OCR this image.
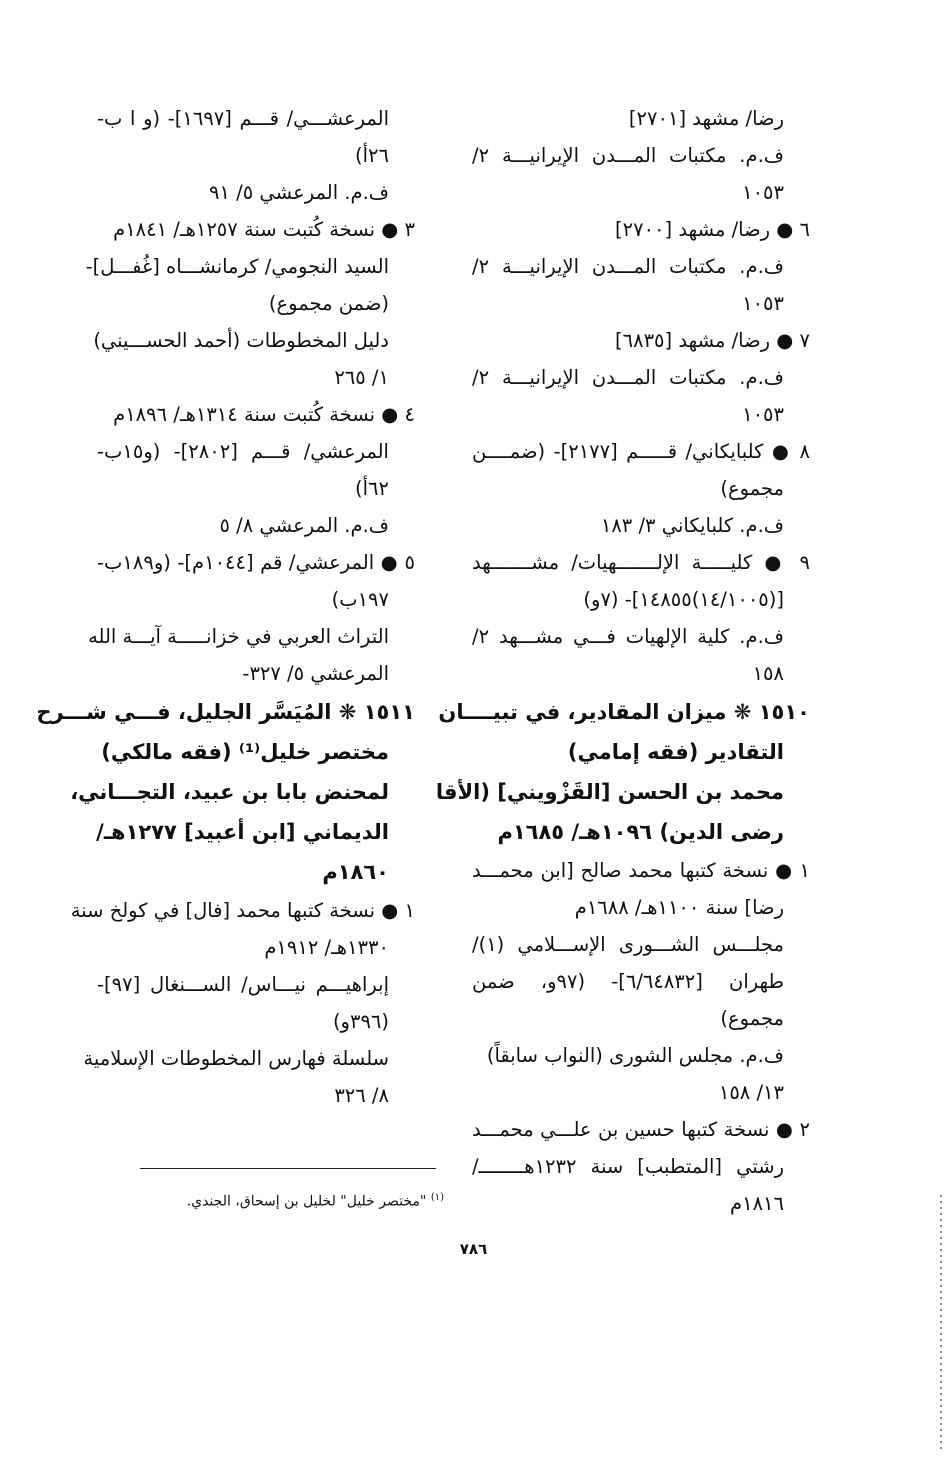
رضا/ مشهد [٢٧٠١]
ف.م. مكتبات المـــدن الإيرانيـــة ٢/
١٠٥٣
٦ ● رضا/ مشهد [٢٧٠٠]
ف.م. مكتبات المـــدن الإيرانيـــة ٢/
١٠٥٣
٧ ● رضا/ مشهد [٦٨٣٥]
ف.م. مكتبات المـــدن الإيرانيـــة ٢/
١٠٥٣
٨ ● كلبايكاني/ قـــــم [٢١٧٧]- (ضمــــن
مجموع)
ف.م. كلبايكاني ٣/ ١٨٣
٩ ● كليـــــة الإلـــــــهيات/ مشـــــــهد
[(١٤/١٠٠٥)١٤٨٥٥]- (٧و)
ف.م. كلية الإلهيات فـــي مشـــهد ٢/
١٥٨
١٥١٠ ❋ ميزان المقادير، في تبيــــان
التقادير (فقه إمامي)
محمد بن الحسن [القَزْويني] (الأقا
رضى الدين) ١٠٩٦هـ/ ١٦٨٥م
١ ● نسخة كتبها محمد صالح [ابن محمـــد
رضا] سنة ١١٠٠هـ/ ١٦٨٨م
مجلـــس الشـــورى الإســـلامي (١)/
طهران [٦/٦٤٨٣٢]- (٩٧و، ضمن
مجموع)
ف.م. مجلس الشورى (النواب سابقاً)
١٣/ ١٥٨
٢ ● نسخة كتبها حسين بن علـــي محمـــد
رشتي [المتطبب] سنة ١٢٣٢هــــــــ/
١٨١٦م
المرعشـــي/ قـــم [١٦٩٧]- (و ا ب-
٢٦أ)
ف.م. المرعشي ٥/ ٩١
٣ ● نسخة كُتبت سنة ١٢٥٧هـ/ ١٨٤١م
السيد النجومي/ كرمانشـــاه [غُفـــل]-
(ضمن مجموع)
دليل المخطوطات (أحمد الحســـيني)
١/ ٢٦٥
٤ ● نسخة كُتبت سنة ١٣١٤هـ/ ١٨٩٦م
المرعشي/ قـــم [٢٨٠٢]- (و١٥ب-
٦٢أ)
ف.م. المرعشي ٨/ ٥
٥ ● المرعشي/ قم [١٠٤٤م]- (و١٨٩ب-
١٩٧ب)
التراث العربي في خزانـــــة آيـــة الله
المرعشي ٥/ ٣٢٧-
١٥١١ ❋ المُيَسَّر الجليل، فـــي شـــرح
مختصر خليل⁽¹⁾ (فقه مالكي)
لمحنض بابا بن عبيد، التجـــاني،
الديماني [ابن أعبيد] ١٢٧٧هـ/
١٨٦٠م
١ ● نسخة كتبها محمد [فال] في كولخ سنة
١٣٣٠هـ/ ١٩١٢م
إبراهيـــم نيـــاس/ الســـنغال [٩٧]-
(٣٩٦و)
سلسلة فهارس المخطوطات الإسلامية
٨/ ٣٢٦
$^{(١)}$ "مختصر خليل" لخليل بن إسحاق، الجندي.
٧٨٦
